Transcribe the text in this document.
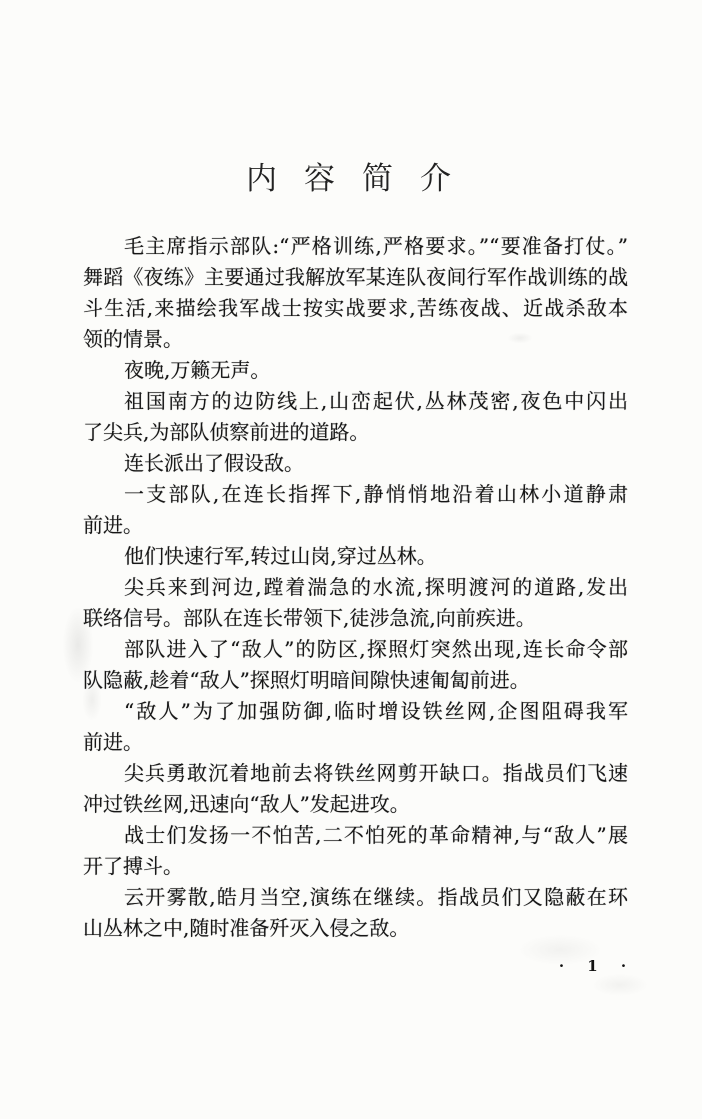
内容简介
毛主席指示部队:“严格训练,严格要求。”“要准备打仗。”
舞蹈《夜练》主要通过我解放军某连队夜间行军作战训练的战
斗生活,来描绘我军战士按实战要求,苦练夜战、近战杀敌本
领的情景。
夜晚,万籁无声。
祖国南方的边防线上,山峦起伏,丛林茂密,夜色中闪出
了尖兵,为部队侦察前进的道路。
连长派出了假设敌。
一支部队,在连长指挥下,静悄悄地沿着山林小道静肃
前进。
他们快速行军,转过山岗,穿过丛林。
尖兵来到河边,蹚着湍急的水流,探明渡河的道路,发出
联络信号。部队在连长带领下,徒涉急流,向前疾进。
部队进入了“敌人”的防区,探照灯突然出现,连长命令部
队隐蔽,趁着“敌人”探照灯明暗间隙快速匍匐前进。
“敌人”为了加强防御,临时增设铁丝网,企图阻碍我军
前进。
尖兵勇敢沉着地前去将铁丝网剪开缺口。指战员们飞速
冲过铁丝网,迅速向“敌人”发起进攻。
战士们发扬一不怕苦,二不怕死的革命精神,与“敌人”展
开了搏斗。
云开雾散,皓月当空,演练在继续。指战员们又隐蔽在环
山丛林之中,随时准备歼灭入侵之敌。
· 1 ·
